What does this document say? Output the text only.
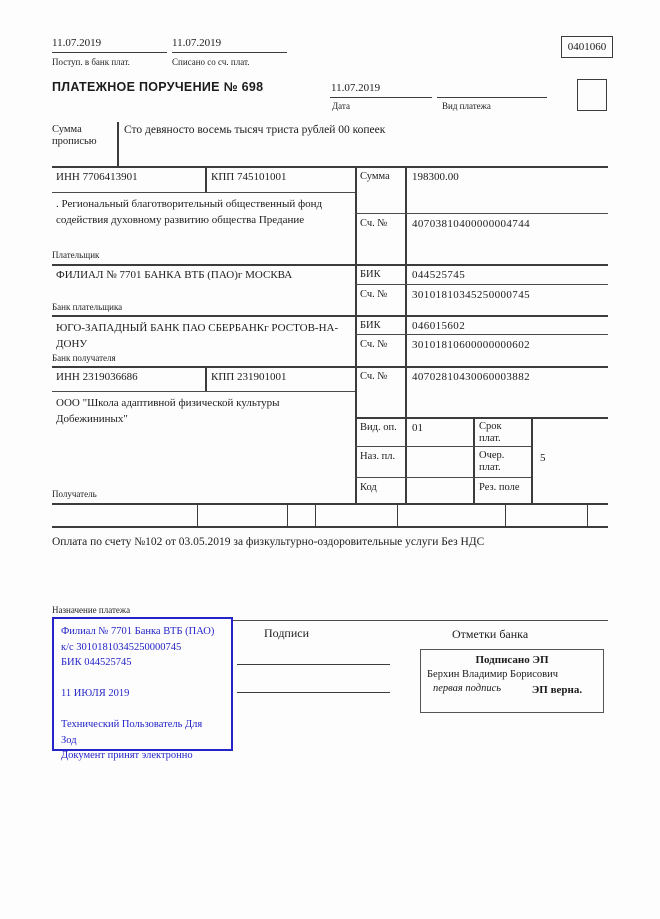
11.07.2019
Поступ. в банк плат.
11.07.2019
Списано со сч. плат.
0401060
ПЛАТЕЖНОЕ ПОРУЧЕНИЕ № 698	11.07.2019
Дата	Вид платежа
Сумма прописью
Сто девяносто восемь тысяч триста рублей 00 копеек
ИНН 7706413901	КПП 745101001	Сумма 198300.00
. Региональный благотворительный общественный фонд содействия духовному развитию общества Предание
Плательщик
Сч. № 40703810400000004744
ФИЛИАЛ № 7701 БАНКА ВТБ (ПАО)г МОСКВА	БИК	044525745
Сч. № 30101810345250000745
Банк плательщика
ЮГО-ЗАПАДНЫЙ БАНК ПАО СБЕРБАНКг РОСТОВ-НА-ДОНУ
БИК	046015602
Сч. № 30101810600000000602
Банк получателя
ИНН 2319036686	КПП 231901001	Сч. № 40702810430060003882
ООО "Школа адаптивной физической культуры Добежининых"
Получатель
Вид. оп. 01	Срок плат.
Наз. пл.	Очер. плат.
5
Код	Рез. поле
Оплата по счету №102 от 03.05.2019 за физкультурно-оздоровительные услуги Без НДС
Назначение платежа
Филиал № 7701 Банка ВТБ (ПАО)
к/с 30101810345250000745
БИК 044525745
11 ИЮЛЯ 2019
Технический Пользователь Для
Зод
Документ принят электронно
Подписи	Отметки банка
Подписано ЭП
Берхин Владимир Борисович
первая подпись	ЭП верна.
